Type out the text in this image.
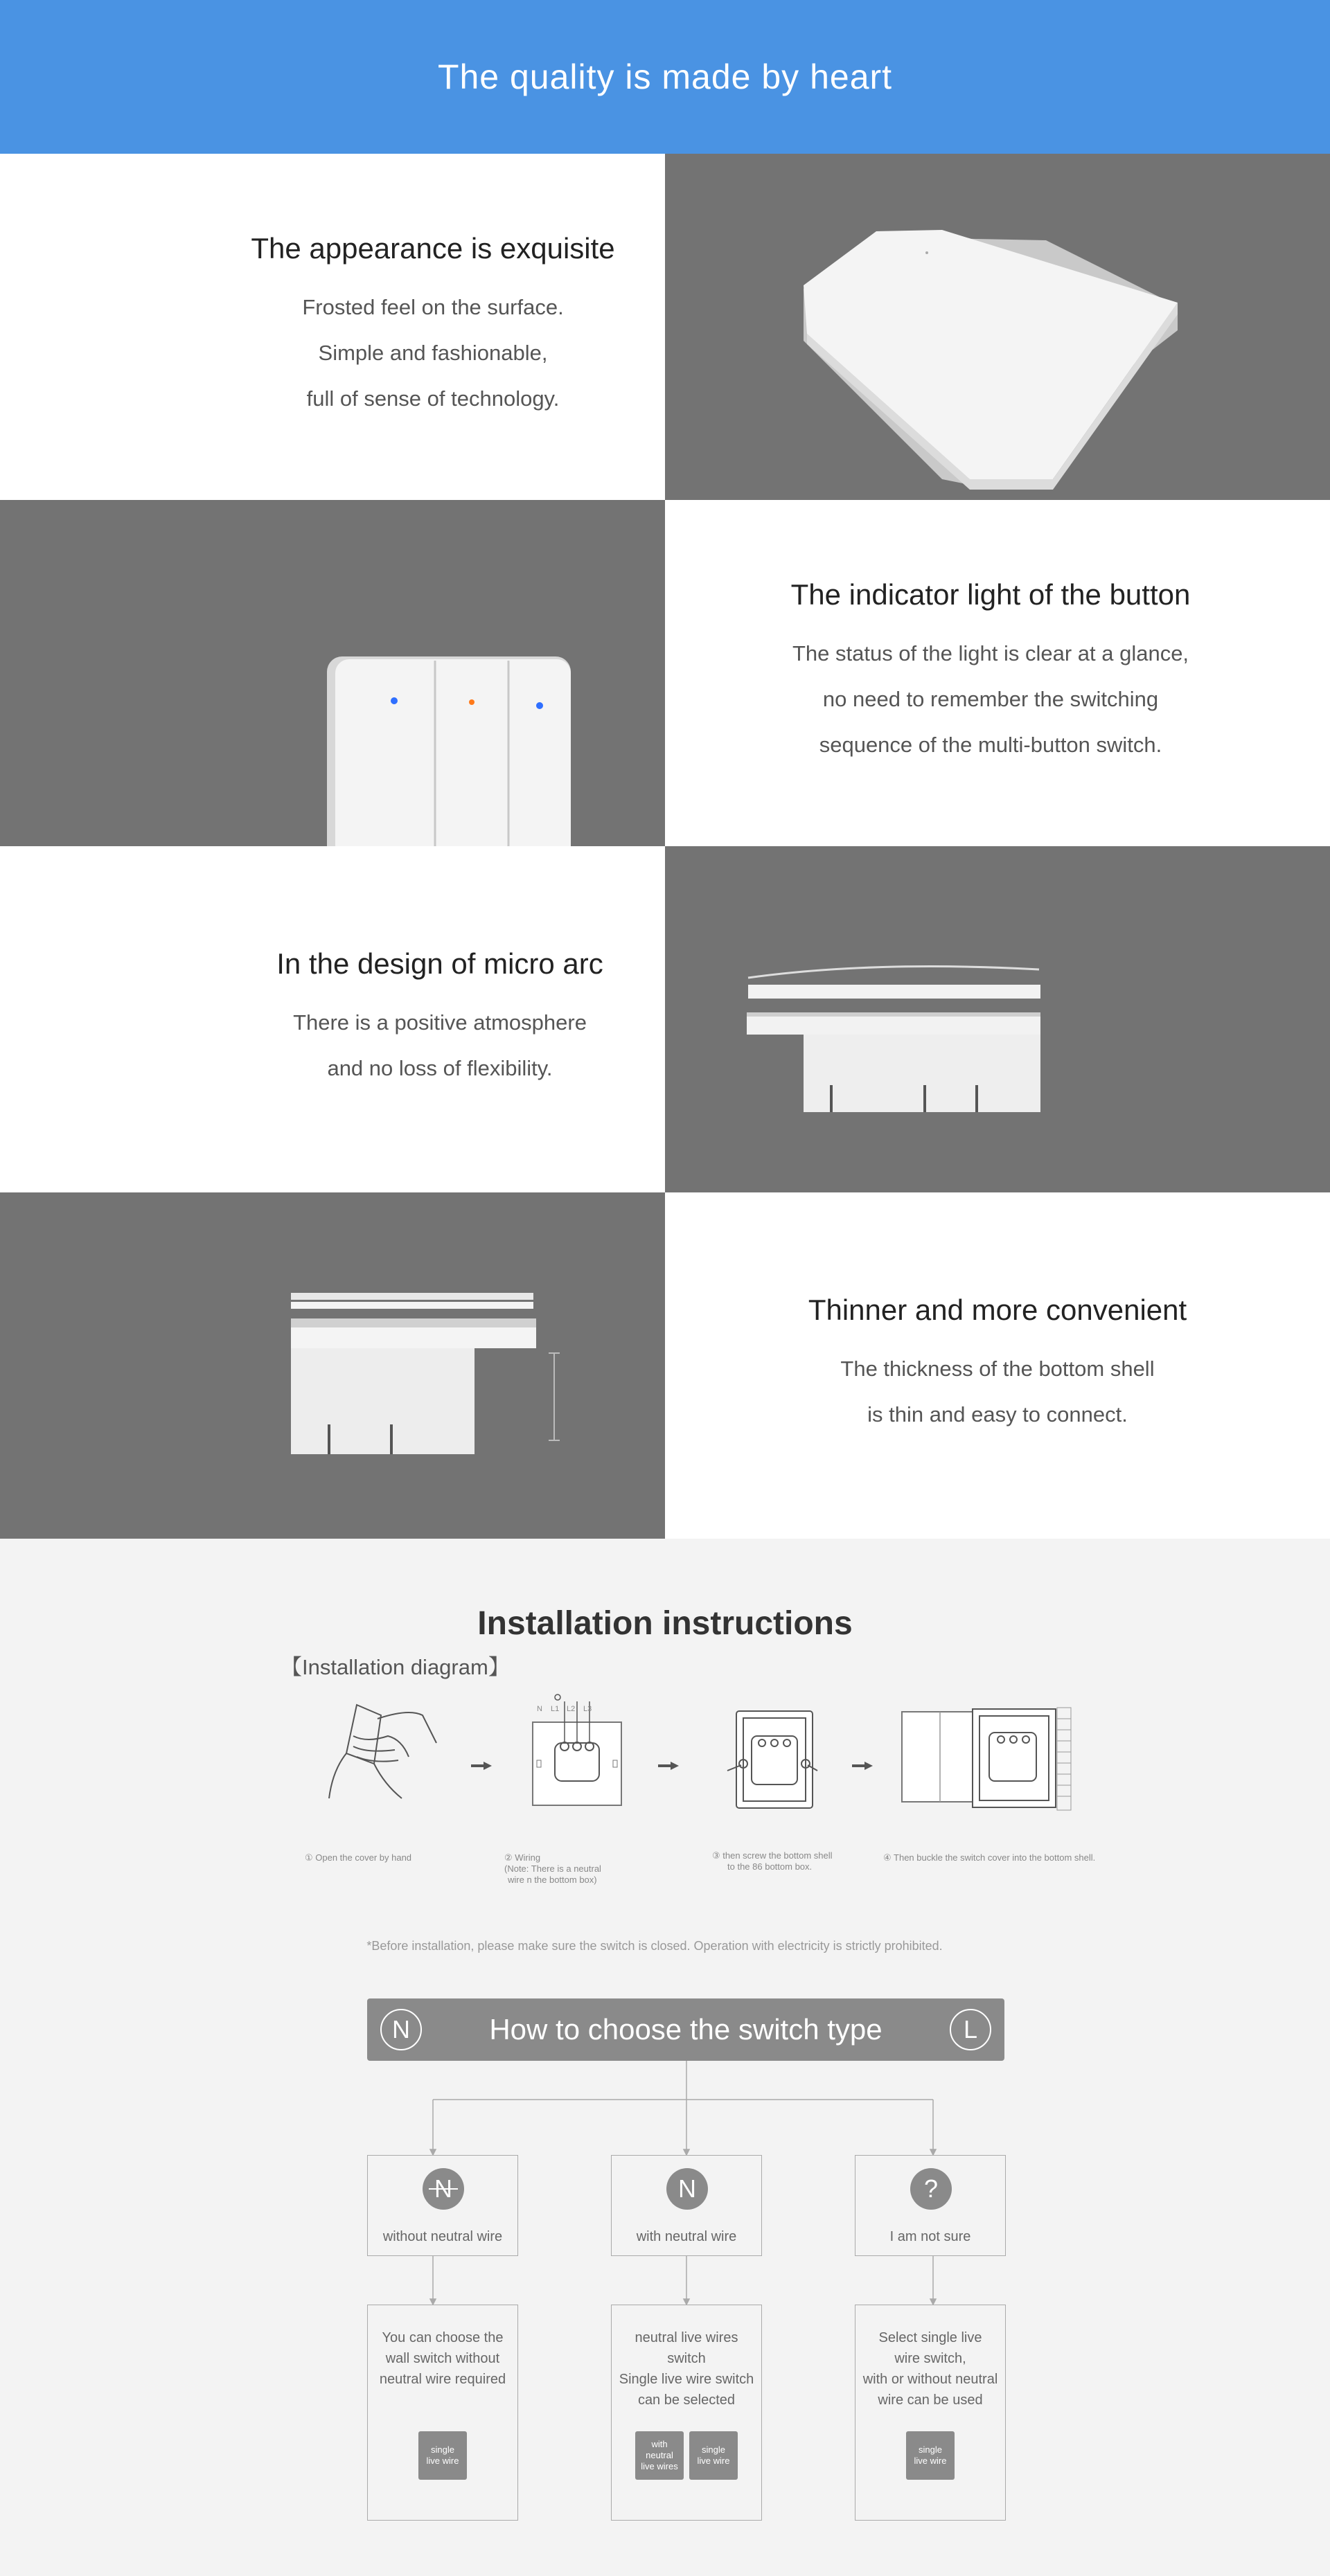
The quality is made by heart
The appearance is exquisite

Frosted feel on the surface.

Simple and fashionable,

full of sense of technology.

The indicator light of the button

The status of the light is clear at a glance,

no need to remember the switching

sequence of the multi-button switch.

In the design of micro arc

There is a positive atmosphere

and no loss of flexibility.

Thinner and more convenient

The thickness of the bottom shell

is thin and easy to connect.

Installation instructions
【Installation diagram】
N L1 L2 L3
① Open the cover by hand	② Wiring
(Note: There is a neutral
wire n the bottom box)
③ then screw the bottom shell
to the 86 bottom box.
④ Then buckle the switch cover into the bottom shell.
*Before installation, please make sure the switch is closed. Operation with electricity is strictly prohibited.
N	How to choose the switch type	L
N
without neutral wire
N
with neutral wire
?
I am not sure
You can choose the
wall switch without
neutral wire required
single
live wire
neutral live wires
switch
Single live wire switch
can be selected
with
neutral
live wires
single
live wire
Select single live
wire switch,
with or without neutral
wire can be used
single
live wire
